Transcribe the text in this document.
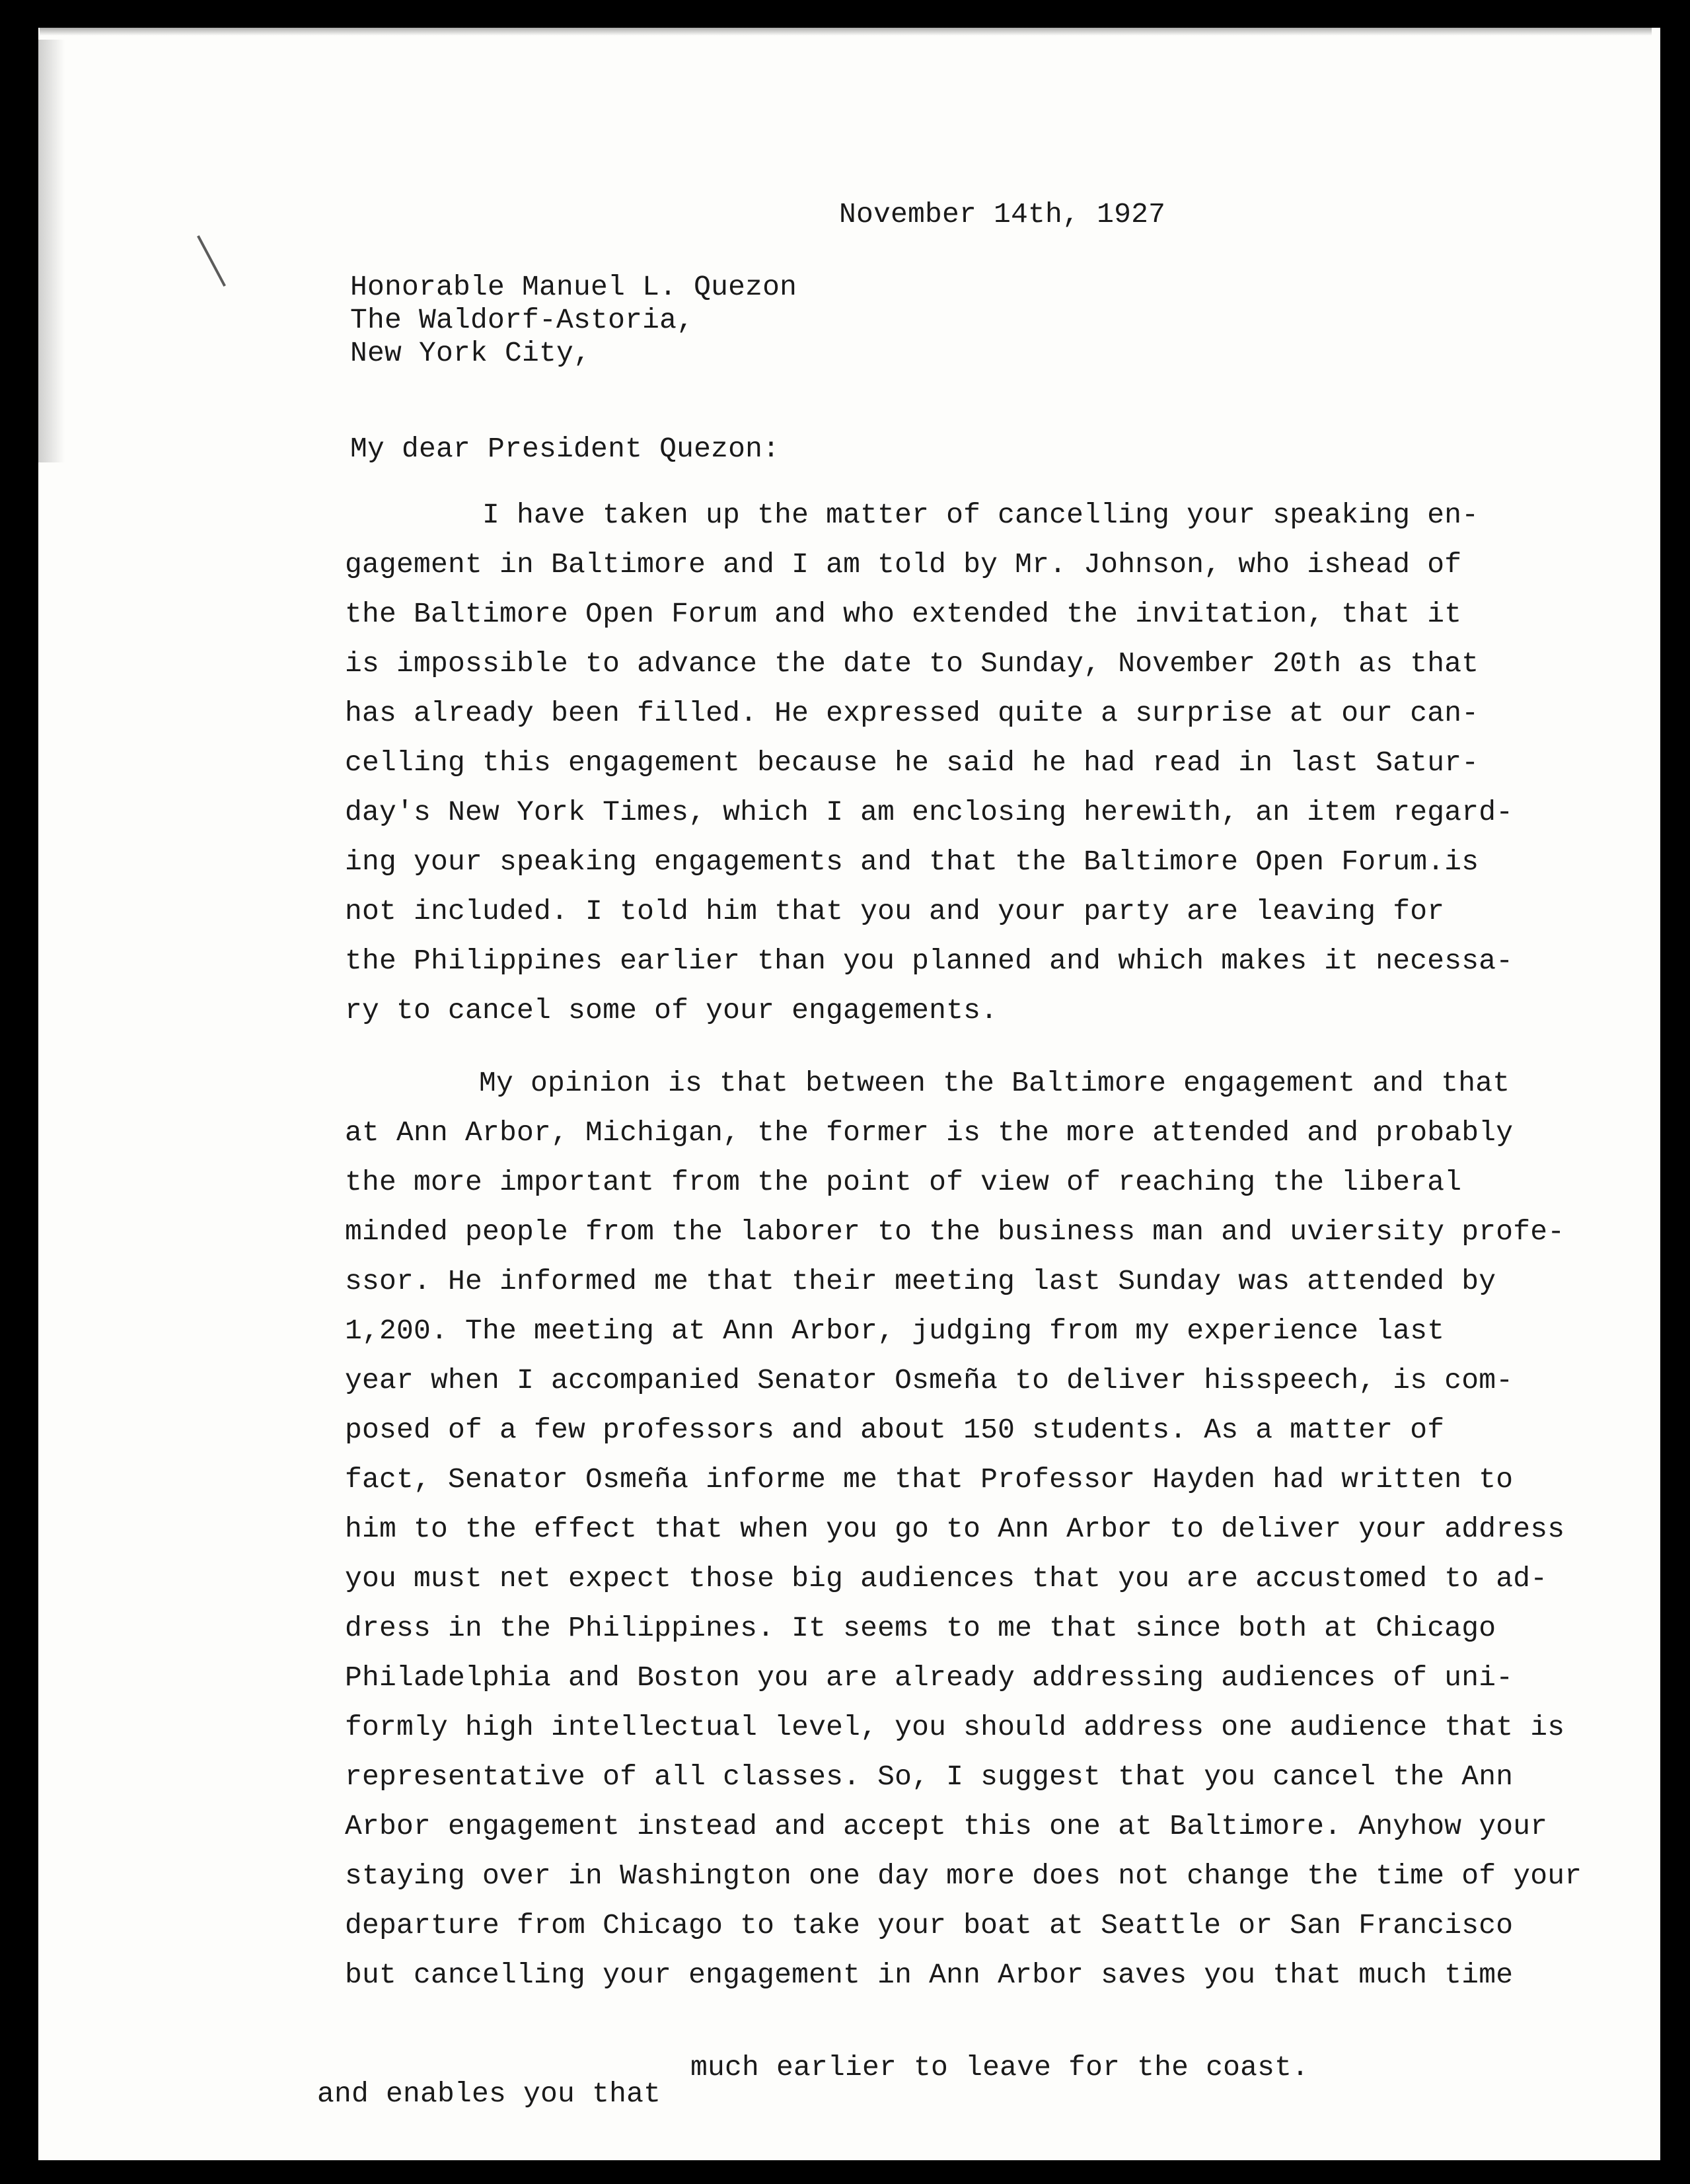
November 14th, 1927
Honorable Manuel L. Quezon
The Waldorf-Astoria,
New York City,
My dear President Quezon:
I have taken up the matter of cancelling your speaking en-
gagement in Baltimore and I am told by Mr. Johnson, who ishead of
the Baltimore Open Forum and who extended the invitation, that it
is impossible to advance the date to Sunday, November 20th as that
has already been filled. He expressed quite a surprise at our can-
celling this engagement because he said he had read in last Satur-
day's New York Times, which I am enclosing herewith, an item regard-
ing your speaking engagements and that the Baltimore Open Forum.is
not included. I told him that you and your party are leaving for
the Philippines earlier than you planned and which makes it necessa-
ry to cancel some of your engagements.
My opinion is that between the Baltimore engagement and that
at Ann Arbor, Michigan, the former is the more attended and probably
the more important from the point of view of reaching the liberal
minded people from the laborer to the business man and uviersity profe-
ssor. He informed me that their meeting last Sunday was attended by
1,200. The meeting at Ann Arbor, judging from my experience last
year when I accompanied Senator Osmeña to deliver hisspeech, is com-
posed of a few professors and about 150 students. As a matter of
fact, Senator Osmeña informe me that Professor Hayden had written to
him to the effect that when you go to Ann Arbor to deliver your address
you must net expect those big audiences that you are accustomed to ad-
dress in the Philippines. It seems to me that since both at Chicago
Philadelphia and Boston you are already addressing audiences of uni-
formly high intellectual level, you should address one audience that is
representative of all classes. So, I suggest that you cancel the Ann
Arbor engagement instead and accept this one at Baltimore. Anyhow your
staying over in Washington one day more does not change the time of your
departure from Chicago to take your boat at Seattle or San Francisco
but cancelling your engagement in Ann Arbor saves you that much time
much earlier to leave for the coast.
and enables you that
